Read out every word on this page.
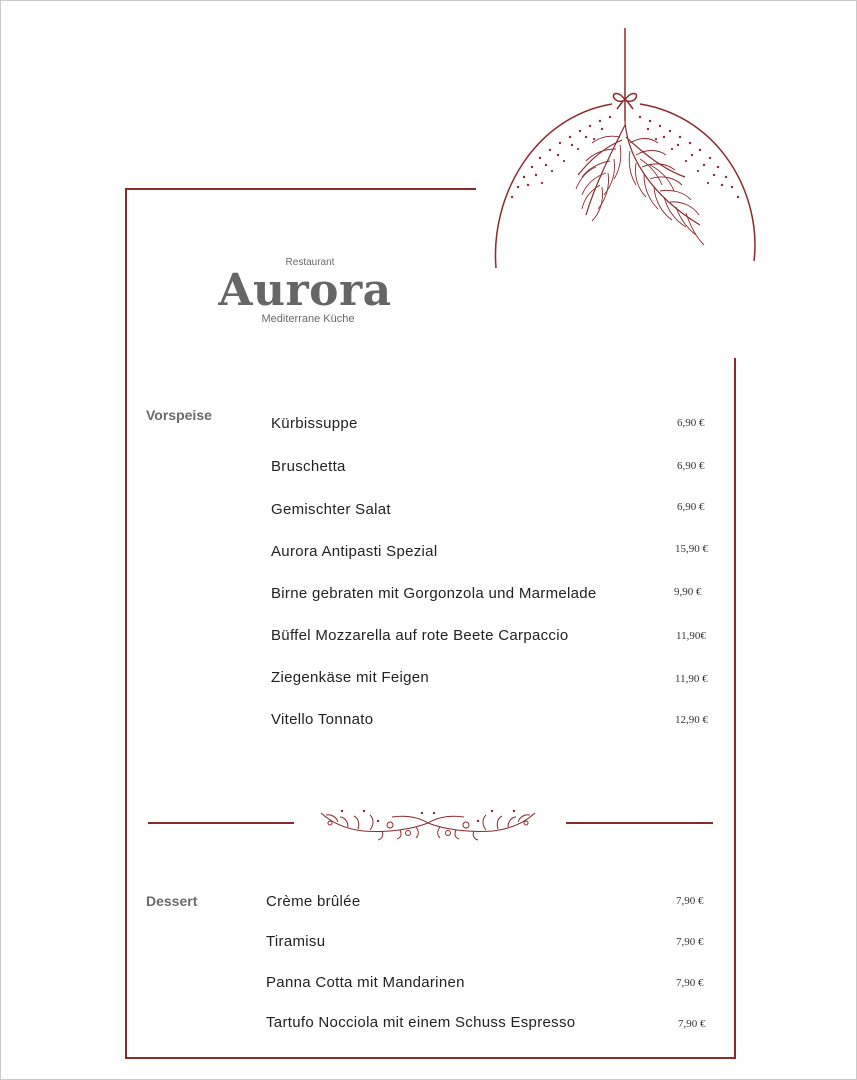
Restaurant
Aurora
Mediterrane Küche
Vorspeise	Kürbissuppe	6,90 €
Bruschetta	6,90 €
Gemischter Salat	6,90 €
Aurora Antipasti Spezial	15,90 €
Birne gebraten mit Gorgonzola und Marmelade	9,90 €
Büffel Mozzarella auf rote Beete Carpaccio	11,90€
Ziegenkäse mit Feigen	11,90 €
Vitello Tonnato	12,90 €
Dessert	Crème brûlée	7,90 €
Tiramisu	7,90 €
Panna Cotta mit Mandarinen	7,90 €
Tartufo Nocciola mit einem Schuss Espresso	7,90 €
